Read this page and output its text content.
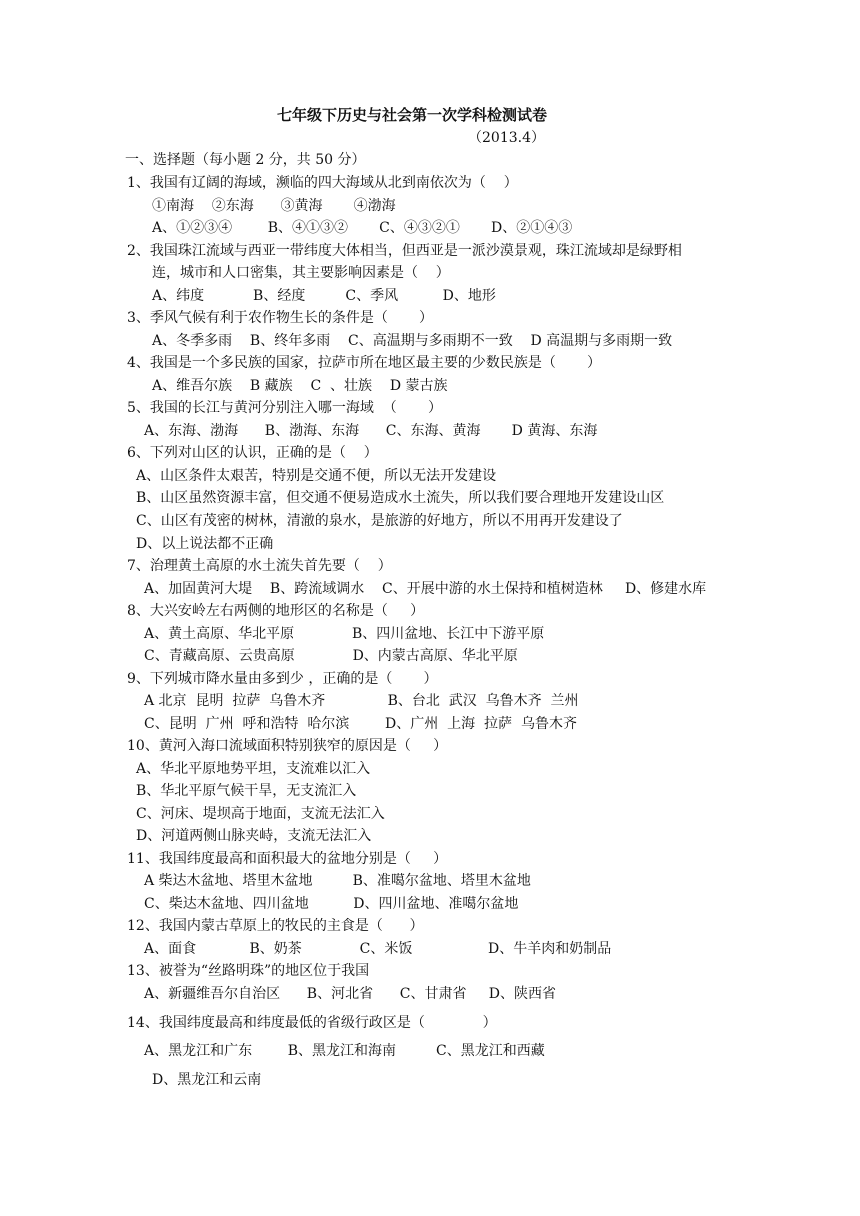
七年级下历史与社会第一次学科检测试卷
（2013.4）
一、选择题（每小题 2 分，共 50 分）
1、我国有辽阔的海域，濒临的四大海域从北到南依次为（    ）
①南海    ②东海      ③黄海       ④渤海
A、①②③④        B、④①③②       C、④③②①       D、②①④③
2、我国珠江流域与西亚一带纬度大体相当，但西亚是一派沙漠景观，珠江流域却是绿野相
连，城市和人口密集，其主要影响因素是（    ）
A、纬度           B、经度         C、季风          D、地形
3、季风气候有利于农作物生长的条件是（       ）
A、冬季多雨    B、终年多雨    C、高温期与多雨期不一致    D 高温期与多雨期一致
4、我国是一个多民族的国家，拉萨市所在地区最主要的少数民族是（       ）
A、维吾尔族    B 藏族    C  、壮族    D 蒙古族
5、我国的长江与黄河分别注入哪一海域  （       ）
A、东海、渤海      B、渤海、东海      C、东海、黄海       D 黄海、东海
6、下列对山区的认识，正确的是（    ）
A、山区条件太艰苦，特别是交通不便，所以无法开发建设
B、山区虽然资源丰富，但交通不便易造成水土流失，所以我们要合理地开发建设山区
C、山区有茂密的树林，清澈的泉水，是旅游的好地方，所以不用再开发建设了
D、以上说法都不正确
7、治理黄土高原的水土流失首先要（    ）
A、加固黄河大堤    B、跨流域调水    C、开展中游的水土保持和植树造林     D、修建水库
8、大兴安岭左右两侧的地形区的名称是（     ）
A、黄土高原、华北平原             B、四川盆地、长江中下游平原
C、青藏高原、云贵高原             D、内蒙古高原、华北平原
9、下列城市降水量由多到少 ，正确的是（       ）
A 北京  昆明  拉萨  乌鲁木齐              B、台北  武汉  乌鲁木齐  兰州
C、昆明  广州  呼和浩特  哈尔滨        D、广州  上海  拉萨  乌鲁木齐
10、黄河入海口流域面积特别狭窄的原因是（     ）
A、华北平原地势平坦，支流难以汇入
B、华北平原气候干旱，无支流汇入
C、河床、堤坝高于地面，支流无法汇入
D、河道两侧山脉夹峙，支流无法汇入
11、我国纬度最高和面积最大的盆地分别是（     ）
A 柴达木盆地、塔里木盆地         B、准噶尔盆地、塔里木盆地
C、柴达木盆地、四川盆地          D、四川盆地、准噶尔盆地
12、我国内蒙古草原上的牧民的主食是（      ）
A、面食            B、奶茶             C、米饭                 D、牛羊肉和奶制品
13、被誉为“丝路明珠”的地区位于我国
A、新疆维吾尔自治区      B、河北省      C、甘肃省     D、陕西省
14、我国纬度最高和纬度最低的省级行政区是（             ）
A、黑龙江和广东        B、黑龙江和海南         C、黑龙江和西藏
D、黑龙江和云南
